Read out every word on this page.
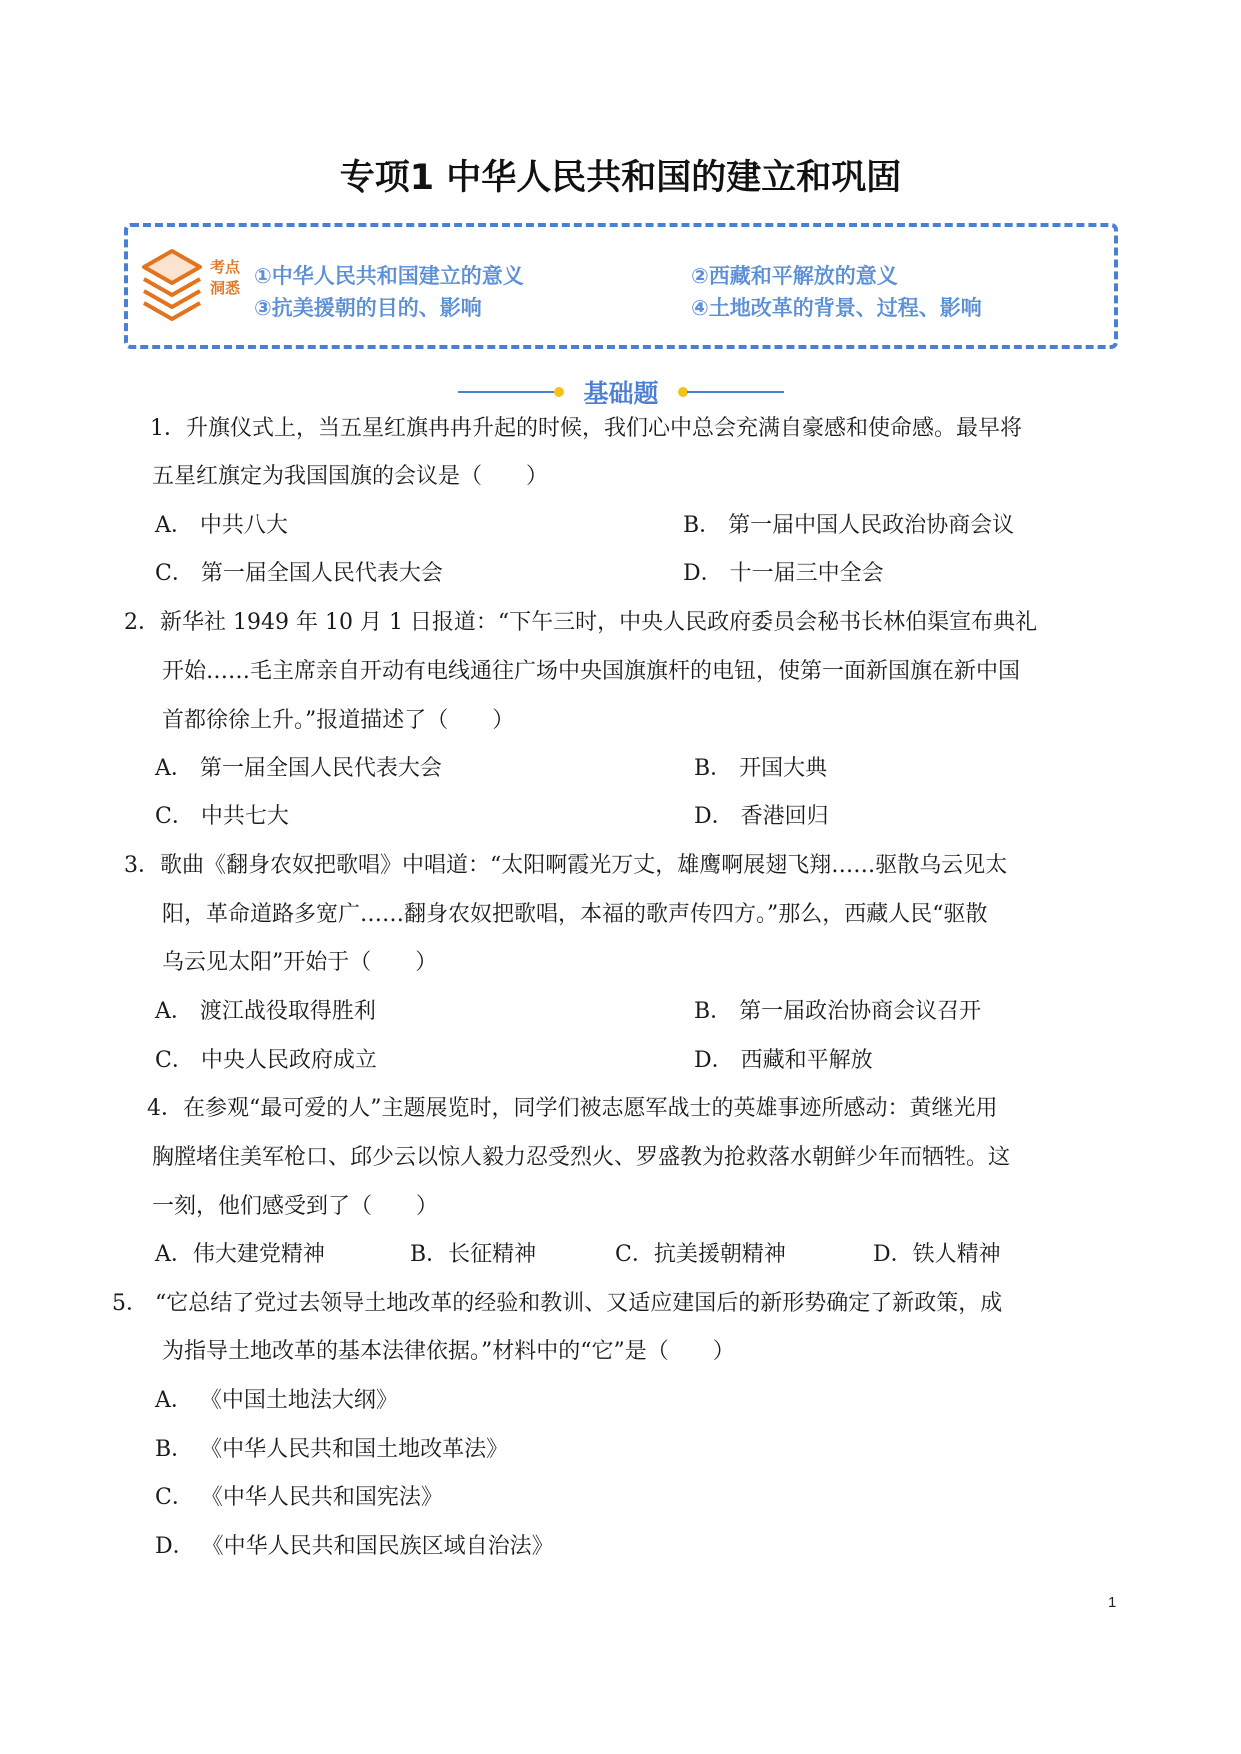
专项1 中华人民共和国的建立和巩固
考点
洞悉 ①中华人民共和国建立的意义	②西藏和平解放的意义
③抗美援朝的目的、影响	④土地改革的背景、过程、影响
基础题
1．升旗仪式上，当五星红旗冉冉升起的时候，我们心中总会充满自豪感和使命感。最早将
五星红旗定为我国国旗的会议是（　　）
A． 中共八大	B． 第一届中国人民政治协商会议
C． 第一届全国人民代表大会	D． 十一届三中全会
2．新华社 1949 年 10 月 1 日报道：“下午三时，中央人民政府委员会秘书长林伯渠宣布典礼
开始……毛主席亲自开动有电线通往广场中央国旗旗杆的电钮，使第一面新国旗在新中国
首都徐徐上升。”报道描述了（　　）
A． 第一届全国人民代表大会	B． 开国大典
C． 中共七大	D． 香港回归
3．歌曲《翻身农奴把歌唱》中唱道：“太阳啊霞光万丈，雄鹰啊展翅飞翔……驱散乌云见太
阳，革命道路多宽广……翻身农奴把歌唱，本福的歌声传四方。”那么，西藏人民“驱散
乌云见太阳”开始于（　　）
A． 渡江战役取得胜利	B． 第一届政治协商会议召开
C． 中央人民政府成立	D． 西藏和平解放
4．在参观“最可爱的人”主题展览时，同学们被志愿军战士的英雄事迹所感动：黄继光用
胸膛堵住美军枪口、邱少云以惊人毅力忍受烈火、罗盛教为抢救落水朝鲜少年而牺牲。这
一刻，他们感受到了（　　）
A．伟大建党精神	B．长征精神	C．抗美援朝精神	D．铁人精神
5． “它总结了党过去领导土地改革的经验和教训、又适应建国后的新形势确定了新政策，成
为指导土地改革的基本法律依据。”材料中的“它”是（　　）
A． 《中国土地法大纲》
B． 《中华人民共和国土地改革法》
C． 《中华人民共和国宪法》
D． 《中华人民共和国民族区域自治法》
1
